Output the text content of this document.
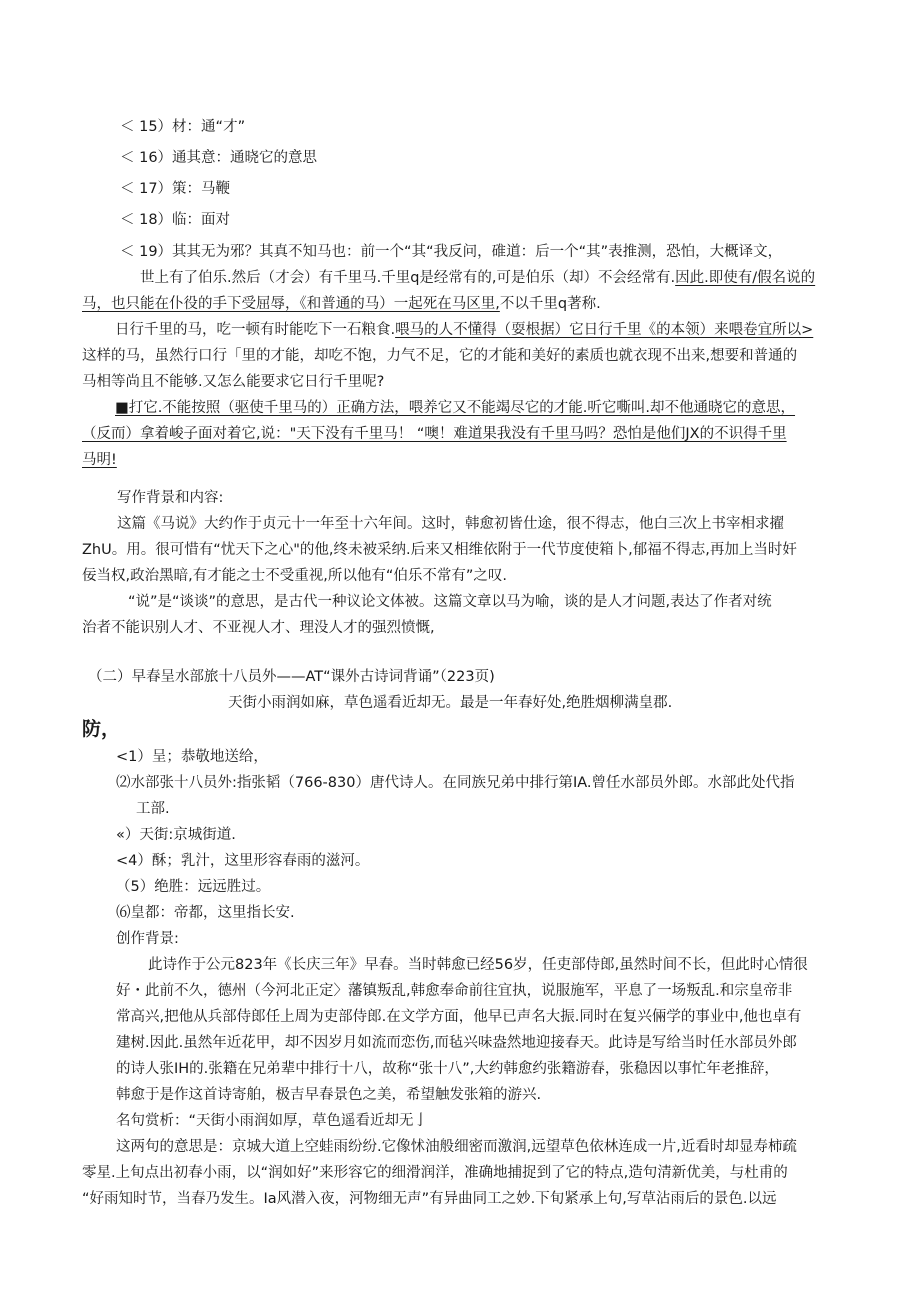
＜ 15）材：通“才”
＜ 16）通其意：通晓它的意思
＜ 17）策：马鞭
＜ 18）临：面对
＜ 19）其其无为邪？其真不知马也：前一个“其“我反问，碓道：后一个“其”表推测，恐怕，大概译文，
世上有了伯乐.然后（才会）有千里马.千里q是经常有的,可是伯乐（却）不会经常有.因此.即使有/假名说的
马，也只能在仆役的手下受屈辱，《和普通的马）一起死在马区里,不以千里q著称.
日行千里的马，吃一顿有时能吃下一石粮食.喂马的人不懂得（耍根据）它日行千里《的本领）来喂卷宜所以>
这样的马，虽然行口行「里的才能，却吃不饱，力气不足，它的才能和美好的素质也就衣现不出来,想要和普通的
马相等尚且不能够.又怎么能要求它日行千里呢?
■打它.不能按照（驱使千里马的）正确方法，喂养它又不能竭尽它的才能.听它嘶叫.却不他通晓它的意思，
（反而）拿着峻子面对着它,说："天下没有千里马！ “噢！难道果我没有千里马吗？恐怕是他们JX的不识得千里
马明!
写作背景和内容:
这篇《马说》大约作于贞元十一年至十六年间。这时，韩愈初皆仕途，很不得志，他白三次上书宰相求擢
ZhU。用。很可惜有“忧天下之心"的他,终未被采纳.后来又相维依附于一代节度使箱卜,郁福不得志,再加上当时奸
佞当权,政治黑暗,有才能之士不受重视,所以他有“伯乐不常有”之叹.
“说”是“谈谈”的意思，是古代一种议论文体被。这篇文章以马为喻，谈的是人才问题,表达了作者对统
治者不能识别人才、不亚视人才、理没人才的强烈愤慨,
（二）早春呈水部旅十八员外——AT“课外古诗词背诵”（223页)
天街小雨润如麻，草色遥看近却无。最是一年春好处,绝胜烟柳满皇郡.
防，
<1）呈；恭敬地送给，
⑵水部张十八员外:指张韬（766-830）唐代诗人。在同族兄弟中排行第IA.曾任水部员外郎。水部此处代指
工部.
«）天街:京城街道.
<4）酥；乳汁，这里形容春雨的滋河。
（5）绝胜：远远胜过。
⑹皇都：帝都，这里指长安.
创作背景:
此诗作于公元823年《长庆三年》早春。当时韩愈已经56岁，任吏部侍郎,虽然时间不长，但此时心情很
好・此前不久，德州（今河北正定〉藩镇叛乱,韩愈奉命前往宜执，说服施军，平息了一场叛乱.和宗皇帝非
常高兴,把他从兵部侍郎任上周为吏部侍郎.在文学方面，他早已声名大振.同时在复兴倆学的事业中,他也卓有
建树.因此.虽然年近花甲，却不因岁月如流而恋伤,而毡兴味盎然地迎接春天。此诗是写给当时任水部员外郎
的诗人张IH的.张籍在兄弟辈中排行十八，故称“张十八”,大约韩愈约张籍游春，张稳因以事忙年老推辞，
韩愈于是作这首诗寄舶，极吉早春景色之美，希望触发张箱的游兴.
名句赏析：“天街小雨润如厚，草色遥看近却无亅
这两句的意思是：京城大道上空蛙雨纷纷.它像怵油般细密而激润,远望草色依林连成一片,近看时却显寿柿疏
零星.上旬点出初春小雨，以“润如好”来形容它的细滑润洋，准确地捕捉到了它的特点,造句清新优美，与杜甫的
“好雨知时节，当春乃发生。Ia风潜入夜，河物细无声”有异曲同工之妙.下旬紧承上句,写草沾雨后的景色.以远
